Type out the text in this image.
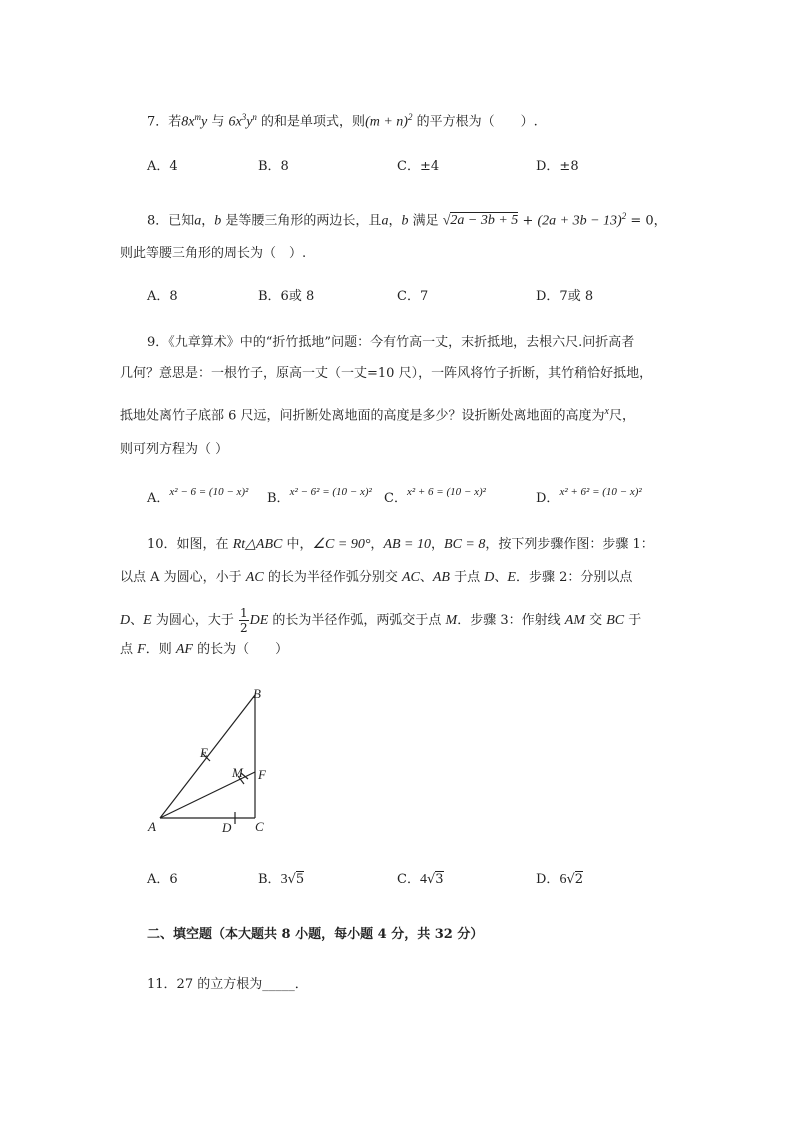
7．若$8x^my$ 与 $6x^3y^n$ 的和是单项式，则$(m + n)^2$ 的平方根为（　　）.
A．4	B．8	C．±4	D．±8
8．已知a，b 是等腰三角形的两边长，且a，b 满足 $√2a - 3b + 5 + (2a + 3b - 13)^2 = 0$，
则此等腰三角形的周长为（　）.
A．8	B．6或 8	C．7	D．7或 8
9．《九章算术》中的“折竹抵地”问题：今有竹高一丈，末折抵地，去根六尺.问折高者
几何？意思是：一根竹子，原高一丈（一丈=10 尺），一阵风将竹子折断，其竹稍恰好抵地，
抵地处离竹子底部 6 尺远，问折断处离地面的高度是多少？设折断处离地面的高度为$^x$尺，
则可列方程为（ ）
A．$^{x^2 - 6 = (10 - x)^2}$ B．$^{x^2 - 6^2 = (10 - x)^2}$ C．$^{x^2 + 6 = (10 - x)^2}$	D．$^{x^2 + 6^2 = (10 - x)^2}$
10．如图，在 Rt△ABC 中，∠C = 90°，AB = 10，BC = 8，按下列步骤作图：步骤 1：
以点 A 为圆心，小于 AC 的长为半径作弧分别交 AC、AB 于点 D、E．步骤 2：分别以点
D、E 为圆心，大于 $\frac{1}{2}$ DE 的长为半径作弧，两弧交于点 M．步骤 3：作射线 AM 交 BC 于
点 F．则 AF 的长为（　　）
B
E
M F
A	D C
A．6	B．3√5	C．4√3	D．6√2
二、填空题（本大题共 8 小题，每小题 4 分，共 32 分）
11．27 的立方根为_____．
